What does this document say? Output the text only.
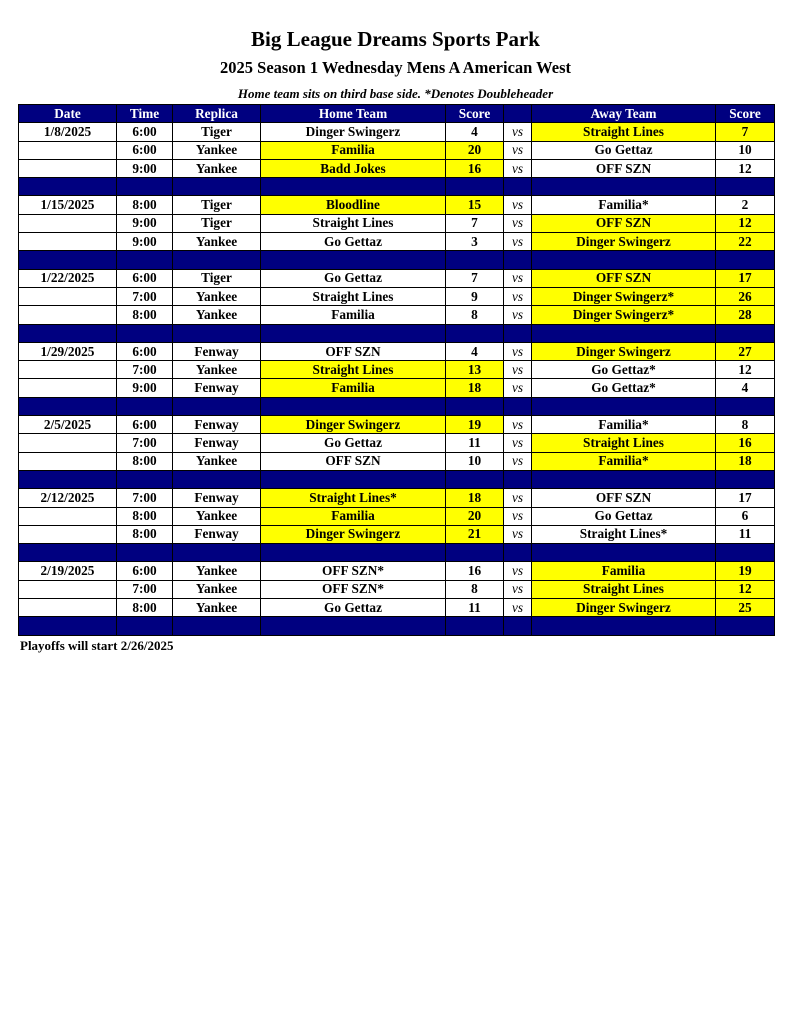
Big League Dreams Sports Park
2025 Season 1 Wednesday Mens A American West
Home team sits on third base side. *Denotes Doubleheader
Date	Time	Replica	Home Team	Score		Away Team	Score
1/8/2025	6:00	Tiger	Dinger Swingerz	4	vs	Straight Lines	7
	6:00	Yankee	Familia	20	vs	Go Gettaz	10
	9:00	Yankee	Badd Jokes	16	vs	OFF SZN	12

1/15/2025	8:00	Tiger	Bloodline	15	vs	Familia*	2
	9:00	Tiger	Straight Lines	7	vs	OFF SZN	12
	9:00	Yankee	Go Gettaz	3	vs	Dinger Swingerz	22

1/22/2025	6:00	Tiger	Go Gettaz	7	vs	OFF SZN	17
	7:00	Yankee	Straight Lines	9	vs	Dinger Swingerz*	26
	8:00	Yankee	Familia	8	vs	Dinger Swingerz*	28

1/29/2025	6:00	Fenway	OFF SZN	4	vs	Dinger Swingerz	27
	7:00	Yankee	Straight Lines	13	vs	Go Gettaz*	12
	9:00	Fenway	Familia	18	vs	Go Gettaz*	4

2/5/2025	6:00	Fenway	Dinger Swingerz	19	vs	Familia*	8
	7:00	Fenway	Go Gettaz	11	vs	Straight Lines	16
	8:00	Yankee	OFF SZN	10	vs	Familia*	18

2/12/2025	7:00	Fenway	Straight Lines*	18	vs	OFF SZN	17
	8:00	Yankee	Familia	20	vs	Go Gettaz	6
	8:00	Fenway	Dinger Swingerz	21	vs	Straight Lines*	11

2/19/2025	6:00	Yankee	OFF SZN*	16	vs	Familia	19
	7:00	Yankee	OFF SZN*	8	vs	Straight Lines	12
	8:00	Yankee	Go Gettaz	11	vs	Dinger Swingerz	25

Playoffs will start 2/26/2025
